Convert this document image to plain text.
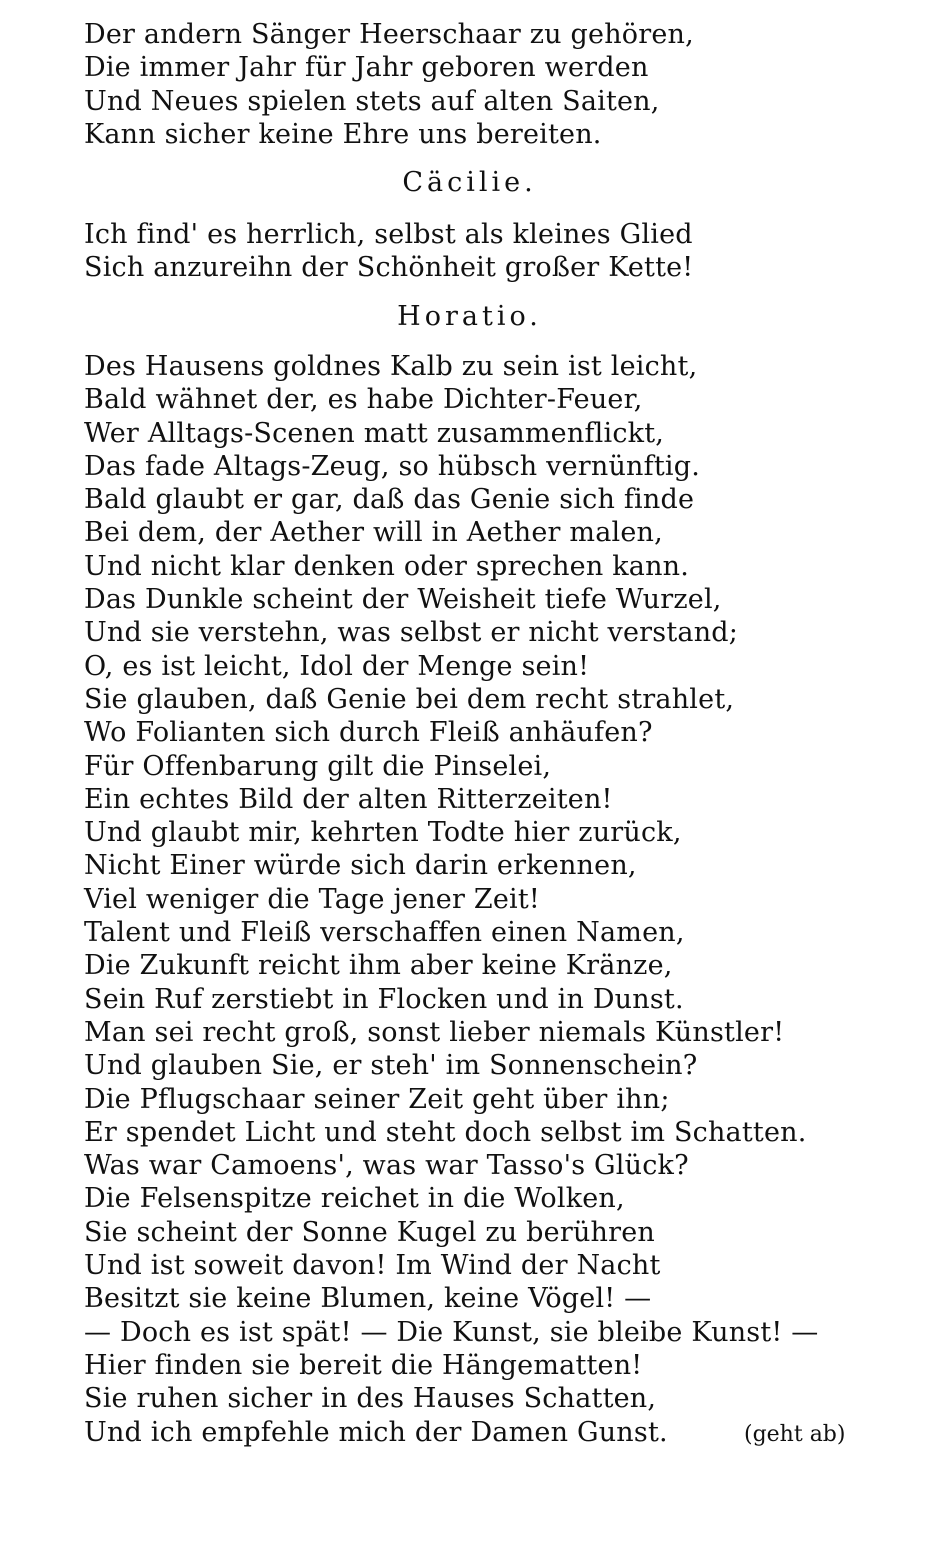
Der andern Sänger Heerschaar zu gehören,
Die immer Jahr für Jahr geboren werden
Und Neues spielen stets auf alten Saiten,
Kann sicher keine Ehre uns bereiten.
Cäcilie.
Ich find' es herrlich, selbst als kleines Glied
Sich anzureihn der Schönheit großer Kette!
Horatio.
Des Hausens goldnes Kalb zu sein ist leicht,
Bald wähnet der, es habe Dichter-Feuer,
Wer Alltags-Scenen matt zusammenflickt,
Das fade Altags-Zeug, so hübsch vernünftig.
Bald glaubt er gar, daß das Genie sich finde
Bei dem, der Aether will in Aether malen,
Und nicht klar denken oder sprechen kann.
Das Dunkle scheint der Weisheit tiefe Wurzel,
Und sie verstehn, was selbst er nicht verstand;
O, es ist leicht, Idol der Menge sein!
Sie glauben, daß Genie bei dem recht strahlet,
Wo Folianten sich durch Fleiß anhäufen?
Für Offenbarung gilt die Pinselei,
Ein echtes Bild der alten Ritterzeiten!
Und glaubt mir, kehrten Todte hier zurück,
Nicht Einer würde sich darin erkennen,
Viel weniger die Tage jener Zeit!
Talent und Fleiß verschaffen einen Namen,
Die Zukunft reicht ihm aber keine Kränze,
Sein Ruf zerstiebt in Flocken und in Dunst.
Man sei recht groß, sonst lieber niemals Künstler!
Und glauben Sie, er steh' im Sonnenschein?
Die Pflugschaar seiner Zeit geht über ihn;
Er spendet Licht und steht doch selbst im Schatten.
Was war Camoens', was war Tasso's Glück?
Die Felsenspitze reichet in die Wolken,
Sie scheint der Sonne Kugel zu berühren
Und ist soweit davon! Im Wind der Nacht
Besitzt sie keine Blumen, keine Vögel! —
— Doch es ist spät! — Die Kunst, sie bleibe Kunst! —
Hier finden sie bereit die Hängematten!
Sie ruhen sicher in des Hauses Schatten,
Und ich empfehle mich der Damen Gunst.	(geht ab)
